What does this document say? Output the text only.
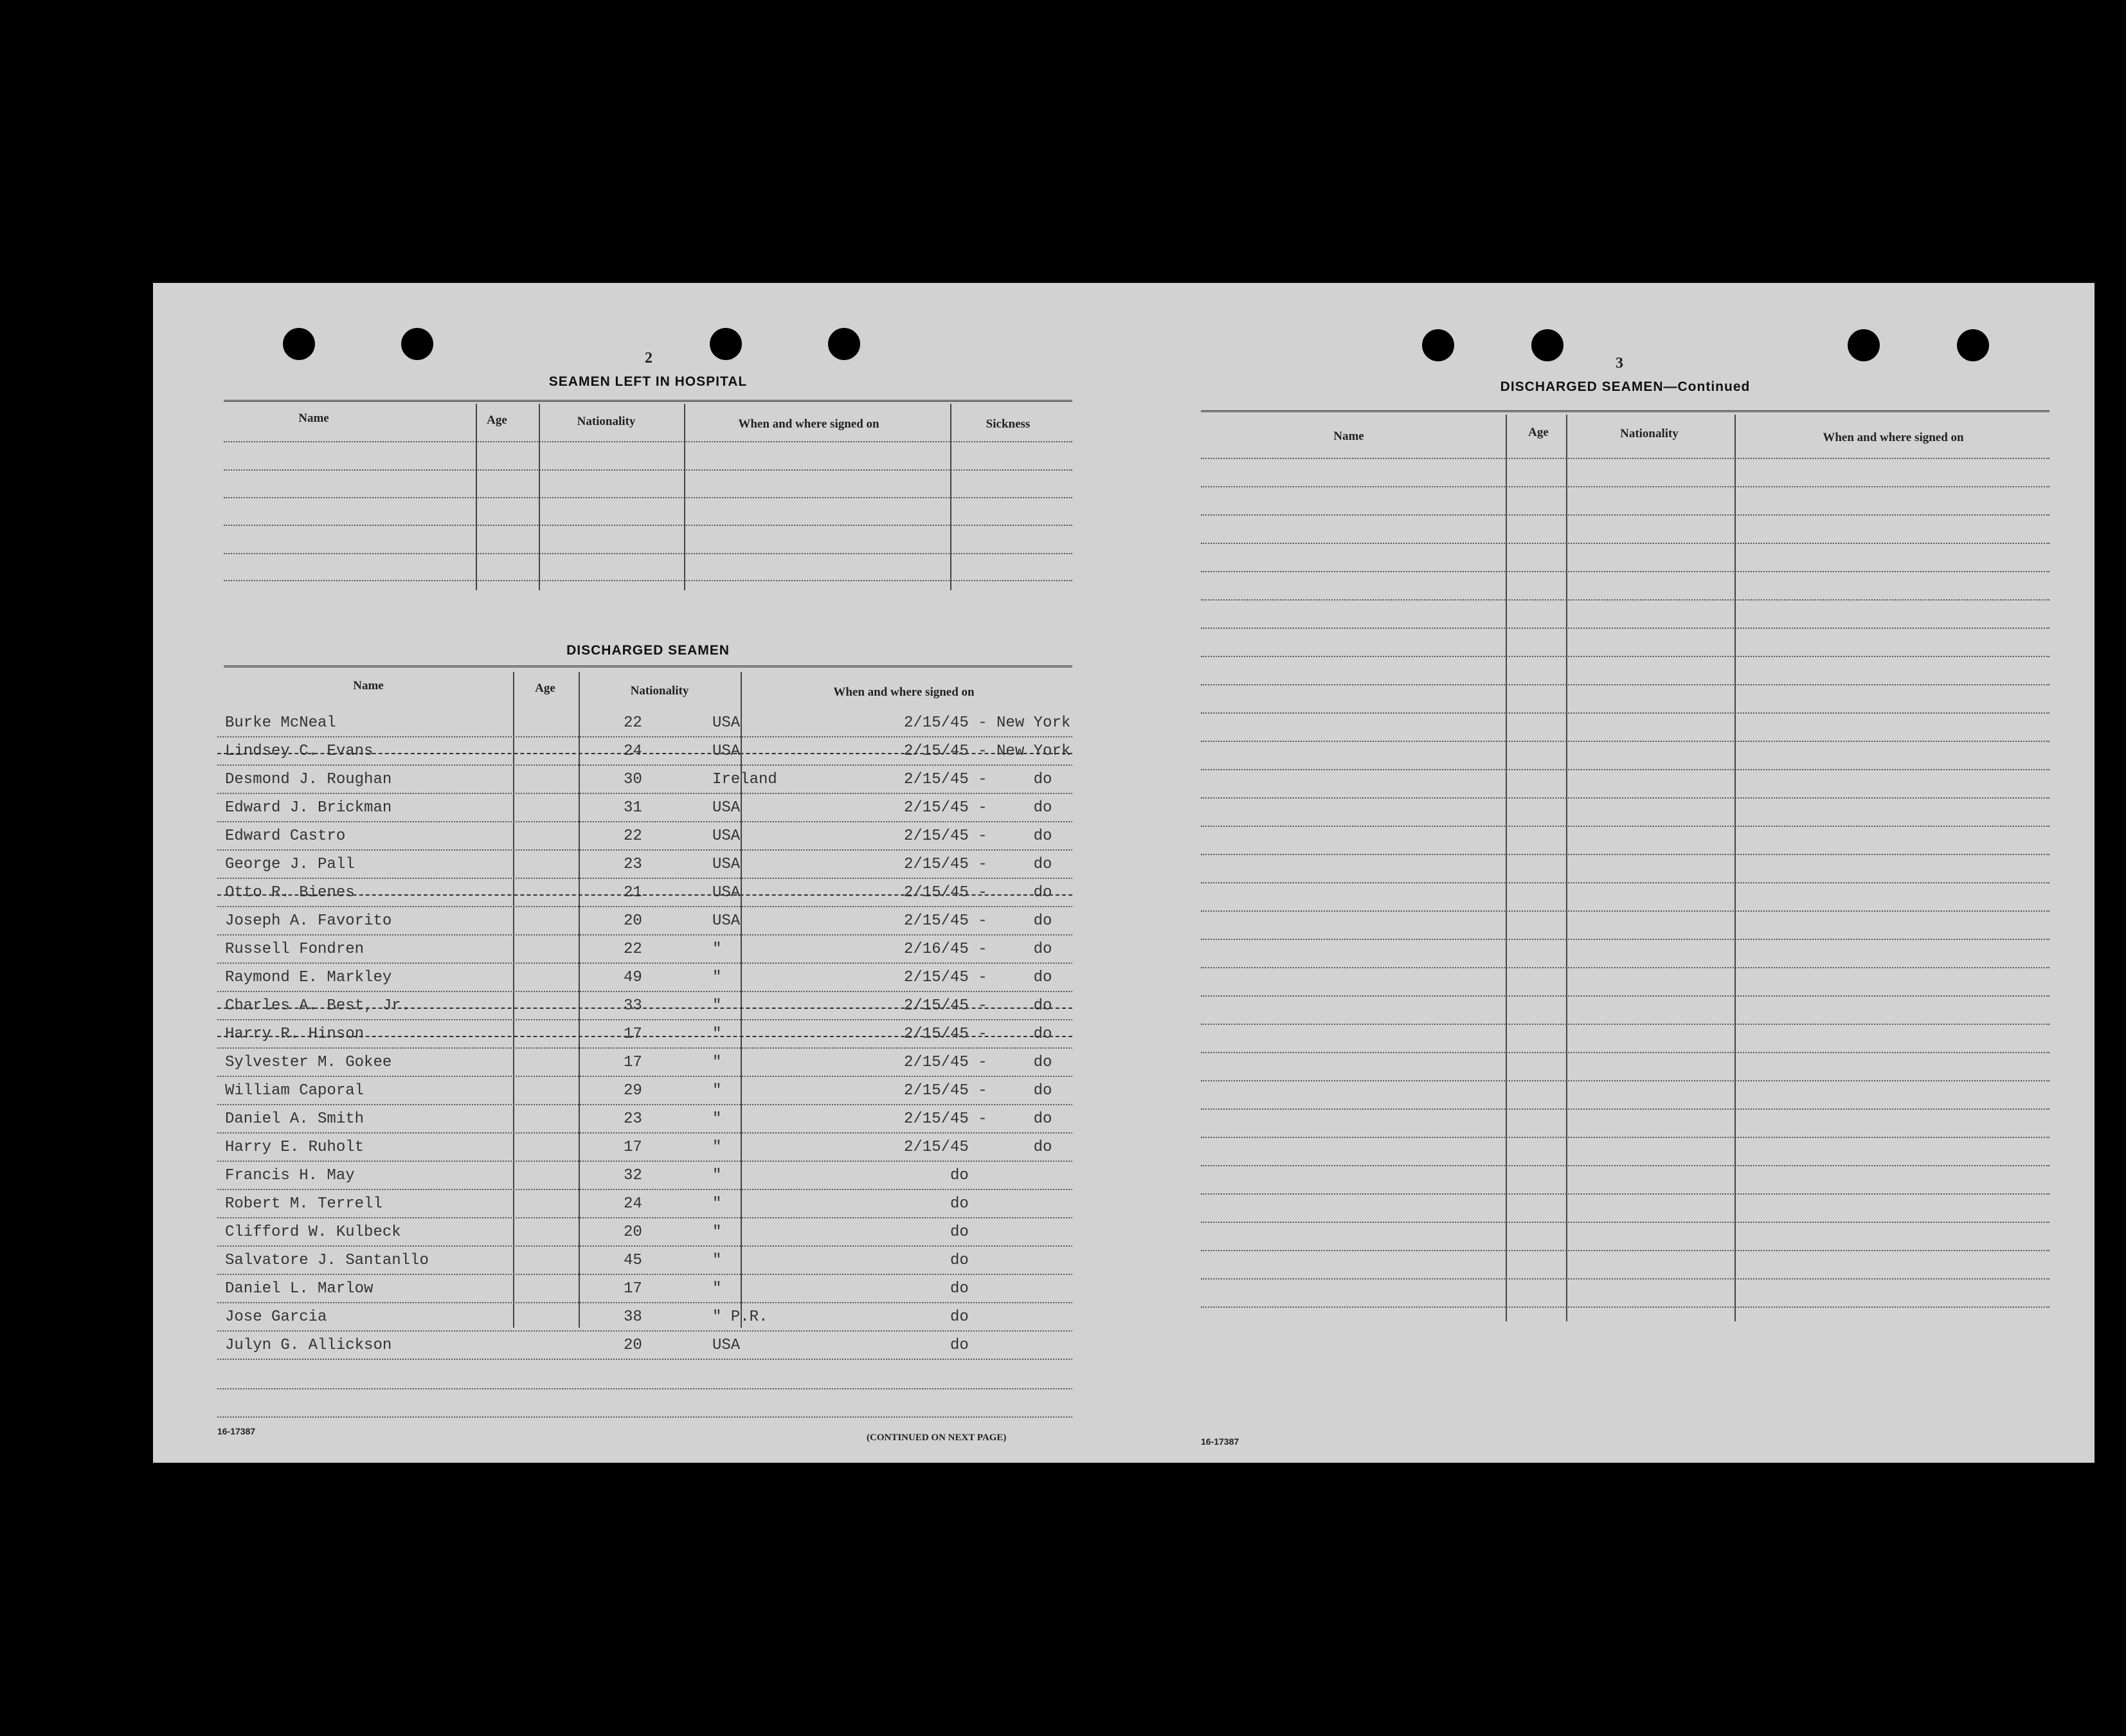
2
SEAMEN LEFT IN HOSPITAL
Name	Age	Nationality	When and where signed on	Sickness
DISCHARGED SEAMEN
Name	Age	Nationality	When and where signed on
Burke McNeal	22	USA	2/15/45 - New York
Lindsey C. Evans	24	USA	2/15/45 - New York
Desmond J. Roughan	30	Ireland	2/15/45 -     do
Edward J. Brickman	31	USA	2/15/45 -     do
Edward Castro	22	USA	2/15/45 -     do
George J. Pall	23	USA	2/15/45 -     do
Otto R. Bienes	21	USA	2/15/45 -     do
Joseph A. Favorito	20	USA	2/15/45 -     do
Russell Fondren	22	"	2/16/45 -     do
Raymond E. Markley	49	"	2/15/45 -     do
Charles A. Best, Jr.	33	"	2/15/45 -     do
Harry R. Hinson	17	"	2/15/45 -     do
Sylvester M. Gokee	17	"	2/15/45 -     do
William Caporal	29	"	2/15/45 -     do
Daniel A. Smith	23	"	2/15/45 -     do
Harry E. Ruholt	17	"	2/15/45       do
Francis H. May	32	"	do
Robert M. Terrell	24	"	do
Clifford W. Kulbeck	20	"	do
Salvatore J. Santanllo	45	"	do
Daniel L. Marlow	17	"	do
Jose Garcia	38	" P.R.	do
Julyn G. Allickson	20	USA	do
16-17387
(CONTINUED ON NEXT PAGE)
3
DISCHARGED SEAMEN—Continued
Name	Age	Nationality	When and where signed on
16-17387
